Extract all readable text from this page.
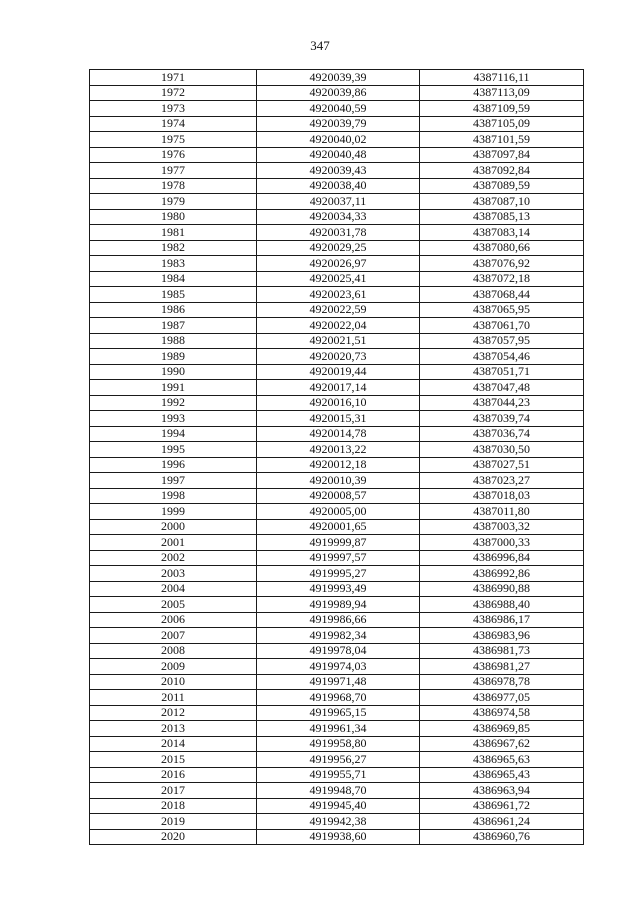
347
1971	4920039,39	4387116,11
1972	4920039,86	4387113,09
1973	4920040,59	4387109,59
1974	4920039,79	4387105,09
1975	4920040,02	4387101,59
1976	4920040,48	4387097,84
1977	4920039,43	4387092,84
1978	4920038,40	4387089,59
1979	4920037,11	4387087,10
1980	4920034,33	4387085,13
1981	4920031,78	4387083,14
1982	4920029,25	4387080,66
1983	4920026,97	4387076,92
1984	4920025,41	4387072,18
1985	4920023,61	4387068,44
1986	4920022,59	4387065,95
1987	4920022,04	4387061,70
1988	4920021,51	4387057,95
1989	4920020,73	4387054,46
1990	4920019,44	4387051,71
1991	4920017,14	4387047,48
1992	4920016,10	4387044,23
1993	4920015,31	4387039,74
1994	4920014,78	4387036,74
1995	4920013,22	4387030,50
1996	4920012,18	4387027,51
1997	4920010,39	4387023,27
1998	4920008,57	4387018,03
1999	4920005,00	4387011,80
2000	4920001,65	4387003,32
2001	4919999,87	4387000,33
2002	4919997,57	4386996,84
2003	4919995,27	4386992,86
2004	4919993,49	4386990,88
2005	4919989,94	4386988,40
2006	4919986,66	4386986,17
2007	4919982,34	4386983,96
2008	4919978,04	4386981,73
2009	4919974,03	4386981,27
2010	4919971,48	4386978,78
2011	4919968,70	4386977,05
2012	4919965,15	4386974,58
2013	4919961,34	4386969,85
2014	4919958,80	4386967,62
2015	4919956,27	4386965,63
2016	4919955,71	4386965,43
2017	4919948,70	4386963,94
2018	4919945,40	4386961,72
2019	4919942,38	4386961,24
2020	4919938,60	4386960,76
